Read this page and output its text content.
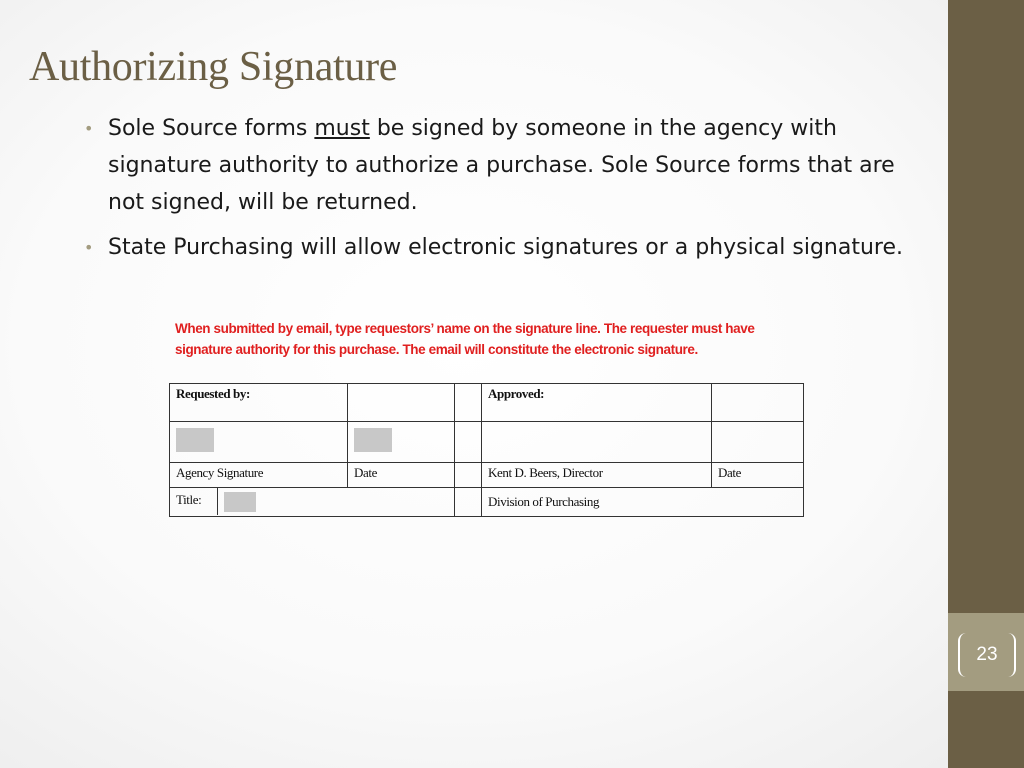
23
Authorizing Signature
• Sole Source forms must be signed by someone in the agency with signature authority to authorize a purchase. Sole Source forms that are not signed, will be returned.
• State Purchasing will allow electronic signatures or a physical signature.
When submitted by email, type requestors’ name on the signature line. The requester must have signature authority for this purchase. The email will constitute the electronic signature.
Requested by:			Approved:	

Agency Signature	Date		Kent D. Beers, Director	Date

Title:			Division of Purchasing	
